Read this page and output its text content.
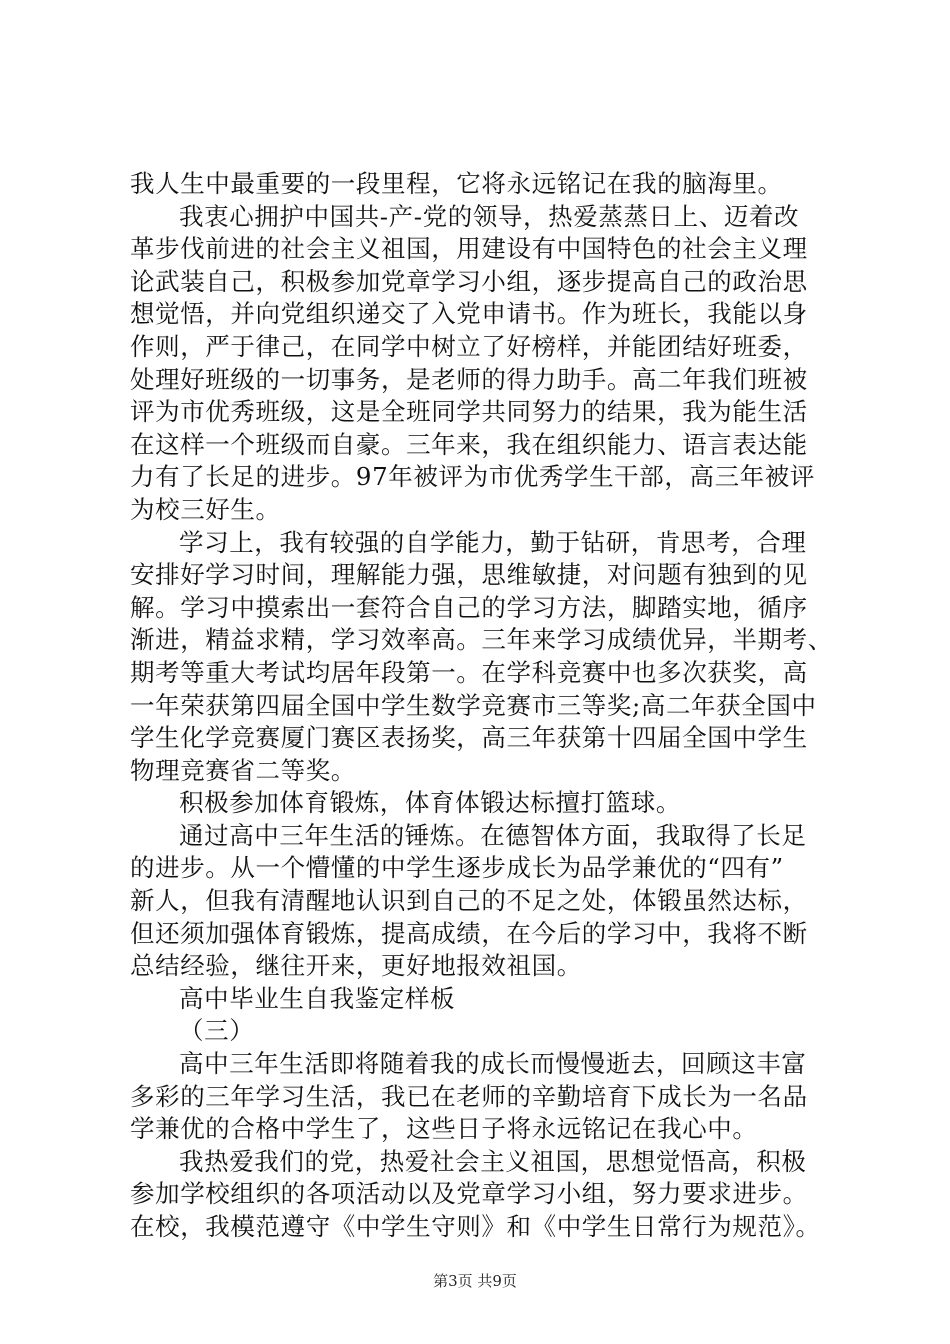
我人生中最重要的一段里程，它将永远铭记在我的脑海里。
我衷心拥护中国共-产-党的领导，热爱蒸蒸日上、迈着改
革步伐前进的社会主义祖国，用建设有中国特色的社会主义理
论武装自己，积极参加党章学习小组，逐步提高自己的政治思
想觉悟，并向党组织递交了入党申请书。作为班长，我能以身
作则，严于律己，在同学中树立了好榜样，并能团结好班委，
处理好班级的一切事务，是老师的得力助手。高二年我们班被
评为市优秀班级，这是全班同学共同努力的结果，我为能生活
在这样一个班级而自豪。三年来，我在组织能力、语言表达能
力有了长足的进步。97年被评为市优秀学生干部，高三年被评
为校三好生。
学习上，我有较强的自学能力，勤于钻研，肯思考，合理
安排好学习时间，理解能力强，思维敏捷，对问题有独到的见
解。学习中摸索出一套符合自己的学习方法，脚踏实地，循序
渐进，精益求精，学习效率高。三年来学习成绩优异，半期考、
期考等重大考试均居年段第一。在学科竞赛中也多次获奖，高
一年荣获第四届全国中学生数学竞赛市三等奖;高二年获全国中
学生化学竞赛厦门赛区表扬奖，高三年获第十四届全国中学生
物理竞赛省二等奖。
积极参加体育锻炼，体育体锻达标擅打篮球。
通过高中三年生活的锤炼。在德智体方面，我取得了长足
的进步。从一个懵懂的中学生逐步成长为品学兼优的“四有”
新人，但我有清醒地认识到自己的不足之处，体锻虽然达标，
但还须加强体育锻炼，提高成绩，在今后的学习中，我将不断
总结经验，继往开来，更好地报效祖国。
高中毕业生自我鉴定样板
（三）
高中三年生活即将随着我的成长而慢慢逝去，回顾这丰富
多彩的三年学习生活，我已在老师的辛勤培育下成长为一名品
学兼优的合格中学生了，这些日子将永远铭记在我心中。
我热爱我们的党，热爱社会主义祖国，思想觉悟高，积极
参加学校组织的各项活动以及党章学习小组，努力要求进步。
在校，我模范遵守《中学生守则》和《中学生日常行为规范》。
第3页 共9页
